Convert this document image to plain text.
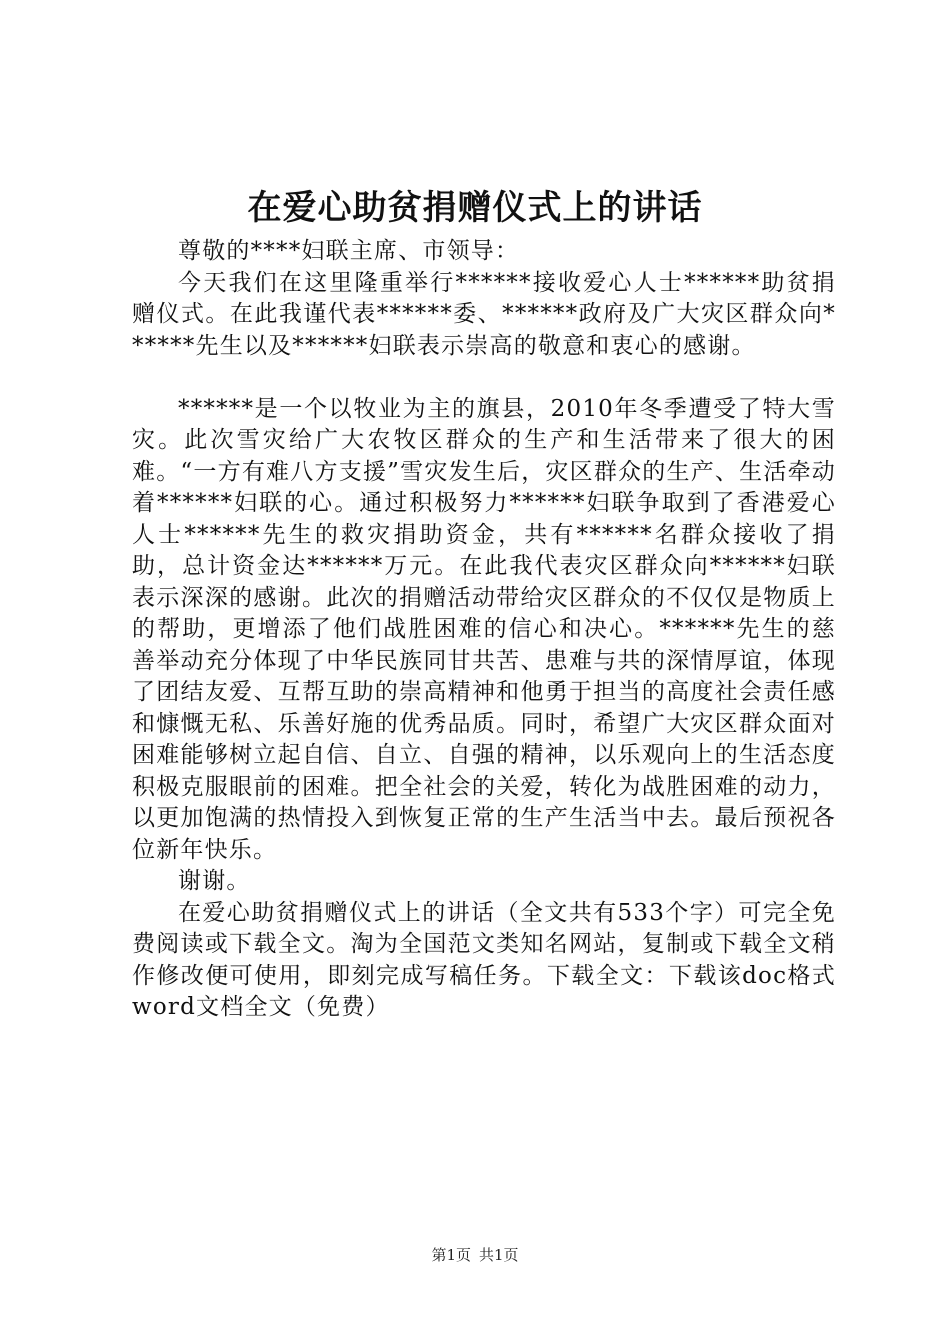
在爱心助贫捐赠仪式上的讲话

尊敬的****妇联主席、市领导：

今天我们在这里隆重举行******接收爱心人士******助贫捐赠仪式。在此我谨代表******委、******政府及广大灾区群众向******先生以及******妇联表示崇高的敬意和衷心的感谢。

******是一个以牧业为主的旗县，2010年冬季遭受了特大雪灾。此次雪灾给广大农牧区群众的生产和生活带来了很大的困难。“一方有难八方支援”雪灾发生后，灾区群众的生产、生活牵动着******妇联的心。通过积极努力******妇联争取到了香港爱心人士******先生的救灾捐助资金，共有******名群众接收了捐助，总计资金达******万元。在此我代表灾区群众向******妇联表示深深的感谢。此次的捐赠活动带给灾区群众的不仅仅是物质上的帮助，更增添了他们战胜困难的信心和决心。******先生的慈善举动充分体现了中华民族同甘共苦、患难与共的深情厚谊，体现了团结友爱、互帮互助的崇高精神和他勇于担当的高度社会责任感和慷慨无私、乐善好施的优秀品质。同时，希望广大灾区群众面对困难能够树立起自信、自立、自强的精神，以乐观向上的生活态度积极克服眼前的困难。把全社会的关爱，转化为战胜困难的动力，以更加饱满的热情投入到恢复正常的生产生活当中去。最后预祝各位新年快乐。

谢谢。

在爱心助贫捐赠仪式上的讲话（全文共有533个字）可完全免费阅读或下载全文。淘为全国范文类知名网站，复制或下载全文稍作修改便可使用，即刻完成写稿任务。下载全文：下载该doc格式word文档全文（免费）

第1页 共1页
